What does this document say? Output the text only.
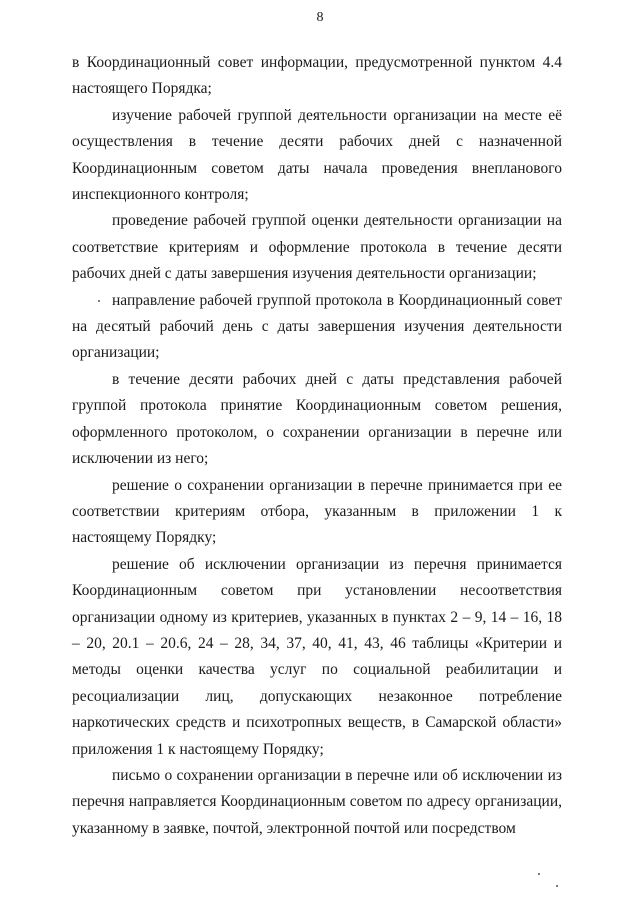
8

в Координационный совет информации, предусмотренной пунктом 4.4 настоящего Порядка;

изучение рабочей группой деятельности организации на месте её осуществления в течение десяти рабочих дней с назначенной Координационным советом даты начала проведения внепланового инспекционного контроля;

проведение рабочей группой оценки деятельности организации на соответствие критериям и оформление протокола в течение десяти рабочих дней с даты завершения изучения деятельности организации;

направление рабочей группой протокола в Координационный совет на десятый рабочий день с даты завершения изучения деятельности организации;

в течение десяти рабочих дней с даты представления рабочей группой протокола принятие Координационным советом решения, оформленного протоколом, о сохранении организации в перечне или исключении из него;

решение о сохранении организации в перечне принимается при ее соответствии критериям отбора, указанным в приложении 1 к настоящему Порядку;

решение об исключении организации из перечня принимается Координационным советом при установлении несоответствия организации одному из критериев, указанных в пунктах 2 – 9, 14 – 16, 18 – 20, 20.1 – 20.6, 24 – 28, 34, 37, 40, 41, 43, 46 таблицы «Критерии и методы оценки качества услуг по социальной реабилитации и ресоциализации лиц, допускающих незаконное потребление наркотических средств и психотропных веществ, в Самарской области» приложения 1 к настоящему Порядку;

письмо о сохранении организации в перечне или об исключении из перечня направляется Координационным советом по адресу организации, указанному в заявке, почтой, электронной почтой или посредством
